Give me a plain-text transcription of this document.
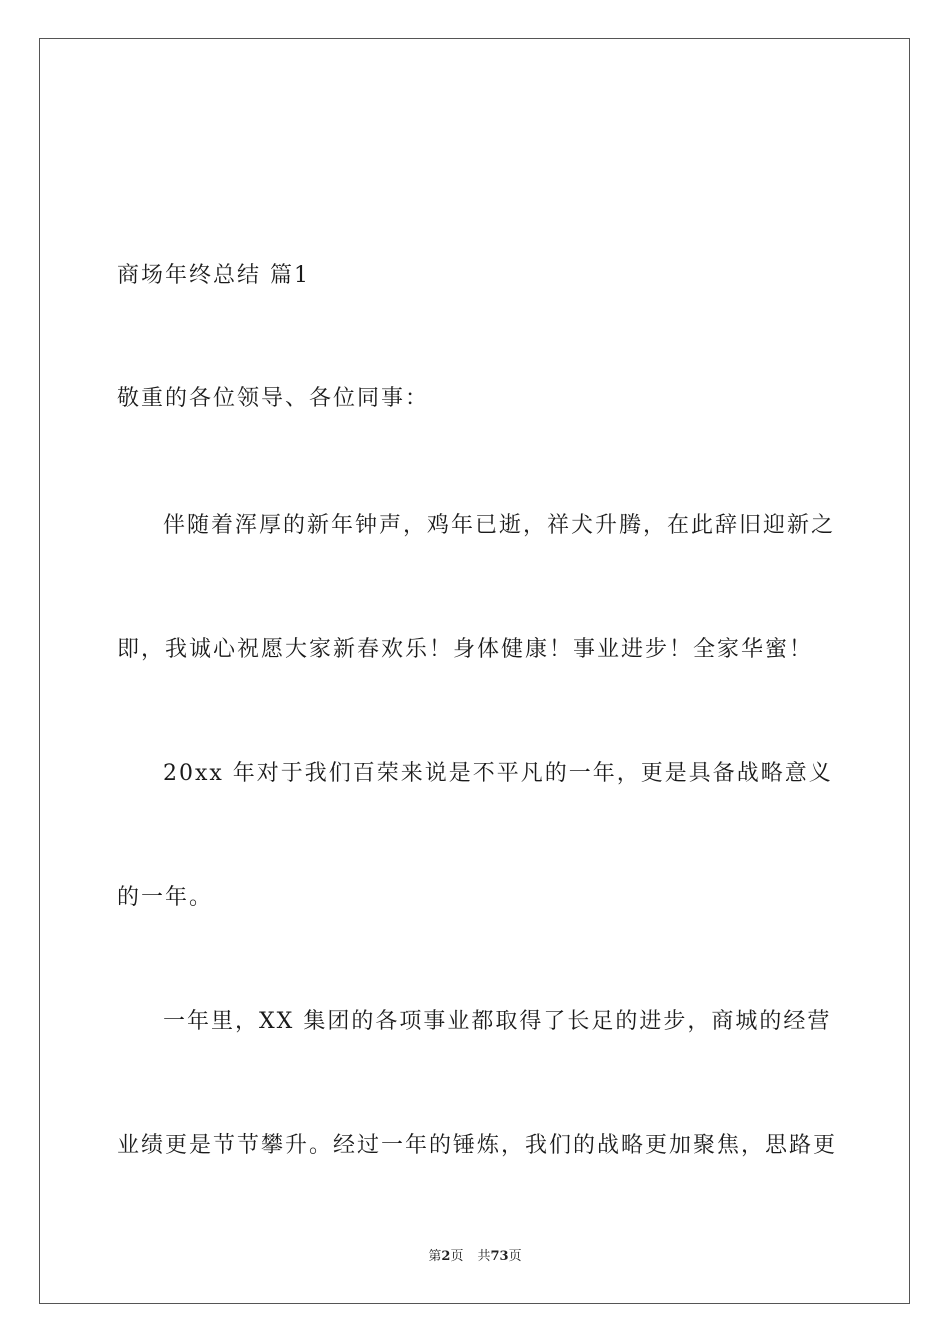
商场年终总结 篇1
敬重的各位领导、各位同事：
伴随着浑厚的新年钟声，鸡年已逝，祥犬升腾，在此辞旧迎新之
即，我诚心祝愿大家新春欢乐！身体健康！事业进步！全家华蜜！
20xx 年对于我们百荣来说是不平凡的一年，更是具备战略意义
的一年。
一年里，XX 集团的各项事业都取得了长足的进步，商城的经营
业绩更是节节攀升。经过一年的锤炼，我们的战略更加聚焦，思路更
第2页 共73页
